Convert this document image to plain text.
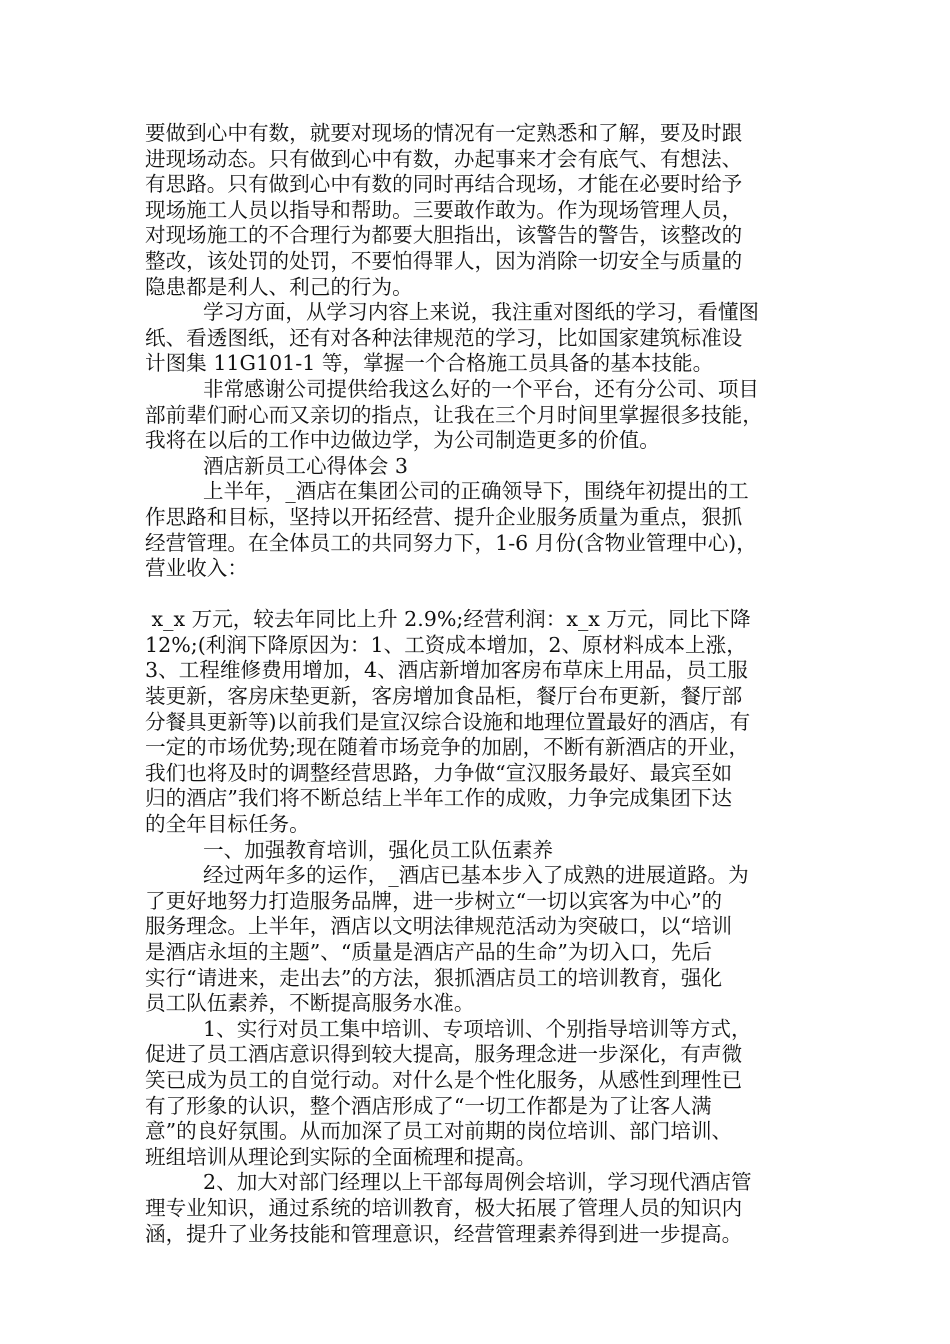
要做到心中有数，就要对现场的情况有一定熟悉和了解，要及时跟
进现场动态。只有做到心中有数，办起事来才会有底气、有想法、
有思路。只有做到心中有数的同时再结合现场，才能在必要时给予
现场施工人员以指导和帮助。三要敢作敢为。作为现场管理人员，
对现场施工的不合理行为都要大胆指出，该警告的警告，该整改的
整改，该处罚的处罚，不要怕得罪人，因为消除一切安全与质量的
隐患都是利人、利己的行为。
学习方面，从学习内容上来说，我注重对图纸的学习，看懂图
纸、看透图纸，还有对各种法律规范的学习，比如国家建筑标准设
计图集 11G101-1 等，掌握一个合格施工员具备的基本技能。
非常感谢公司提供给我这么好的一个平台，还有分公司、项目
部前辈们耐心而又亲切的指点，让我在三个月时间里掌握很多技能，
我将在以后的工作中边做边学，为公司制造更多的价值。
酒店新员工心得体会 3
上半年，_酒店在集团公司的正确领导下，围绕年初提出的工
作思路和目标，坚持以开拓经营、提升企业服务质量为重点，狠抓
经营管理。在全体员工的共同努力下，1-6 月份(含物业管理中心)，
营业收入：
x_x 万元，较去年同比上升 2.9%;经营利润：x_x 万元，同比下降
12%;(利润下降原因为：1、工资成本增加，2、原材料成本上涨，
3、工程维修费用增加，4、酒店新增加客房布草床上用品，员工服
装更新，客房床垫更新，客房增加食品柜，餐厅台布更新，餐厅部
分餐具更新等)以前我们是宣汉综合设施和地理位置最好的酒店，有
一定的市场优势;现在随着市场竞争的加剧，不断有新酒店的开业，
我们也将及时的调整经营思路，力争做“宣汉服务最好、最宾至如
归的酒店”我们将不断总结上半年工作的成败，力争完成集团下达
的全年目标任务。
一、加强教育培训，强化员工队伍素养
经过两年多的运作，_酒店已基本步入了成熟的进展道路。为
了更好地努力打造服务品牌，进一步树立“一切以宾客为中心”的
服务理念。上半年，酒店以文明法律规范活动为突破口，以“培训
是酒店永垣的主题”、“质量是酒店产品的生命”为切入口，先后
实行“请进来，走出去”的方法，狠抓酒店员工的培训教育，强化
员工队伍素养，不断提高服务水准。
1、实行对员工集中培训、专项培训、个别指导培训等方式，
促进了员工酒店意识得到较大提高，服务理念进一步深化，有声微
笑已成为员工的自觉行动。对什么是个性化服务，从感性到理性已
有了形象的认识，整个酒店形成了“一切工作都是为了让客人满
意”的良好氛围。从而加深了员工对前期的岗位培训、部门培训、
班组培训从理论到实际的全面梳理和提高。
2、加大对部门经理以上干部每周例会培训，学习现代酒店管
理专业知识，通过系统的培训教育，极大拓展了管理人员的知识内
涵，提升了业务技能和管理意识，经营管理素养得到进一步提高。
